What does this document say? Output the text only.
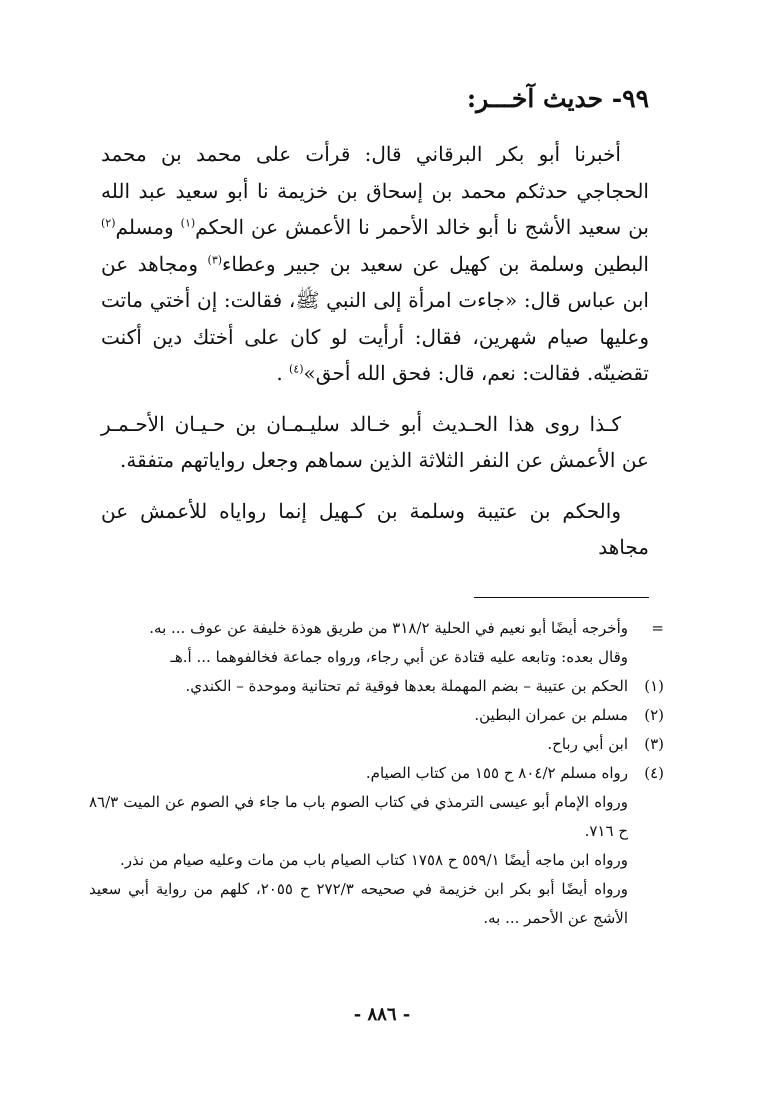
٩٩- حديث آخـــر:

أخبرنا أبو بكر البرقاني قال: قرأت على محمد بن محمد الحجاجي حدثكم محمد بن إسحاق بن خزيمة نا أبو سعيد عبد الله بن سعيد الأشج نا أبو خالد الأحمر نا الأعمش عن الحكم$^{(١)}$ ومسلم$^{(٢)}$ البطين وسلمة بن كهيل عن سعيد بن جبير وعطاء$^{(٣)}$ ومجاهد عن ابن عباس قال: «جاءت امرأة إلى النبي ﷺ، فقالت: إن أختي ماتت وعليها صيام شهرين، فقال: أرأيت لو كان على أختك دين أكنت تقضينّه. فقالت: نعم، قال: فحق الله أحق»$^{(٤)}$ .

كـذا روى هذا الحـديث أبو خـالد سليـمـان بن حـيـان الأحـمـر عن الأعمش عن النفر الثلاثة الذين سماهم وجعل رواياتهم متفقة.

والحكم بن عتيبة وسلمة بن كـهيل إنما رواياه للأعمش عن مجاهد

=
وأخرجه أيضًا أبو نعيم في الحلية ٣١٨/٢ من طريق هوذة خليفة عن عوف ... به.
وقال بعده: وتابعه عليه قتادة عن أبي رجاء، ورواه جماعة فخالفوهما ... أ.هـ
(١)
الحكم بن عتيبة – بضم المهملة بعدها فوقية ثم تحتانية وموحدة – الكندي.
(٢)
مسلم بن عمران البطين.
(٣)
ابن أبي رباح.
(٤)
رواه مسلم ٨٠٤/٢ ح ١٥٥ من كتاب الصيام.
ورواه الإمام أبو عيسى الترمذي في كتاب الصوم باب ما جاء في الصوم عن الميت ٨٦/٣ ح ٧١٦.
ورواه ابن ماجه أيضًا ٥٥٩/١ ح ١٧٥٨ كتاب الصيام باب من مات وعليه صيام من نذر.
ورواه أيضًا أبو بكر ابن خزيمة في صحيحه ٢٧٢/٣ ح ٢٠٥٥، كلهم من رواية أبي سعيد الأشج عن الأحمر ... به.
- ٨٨٦ -
